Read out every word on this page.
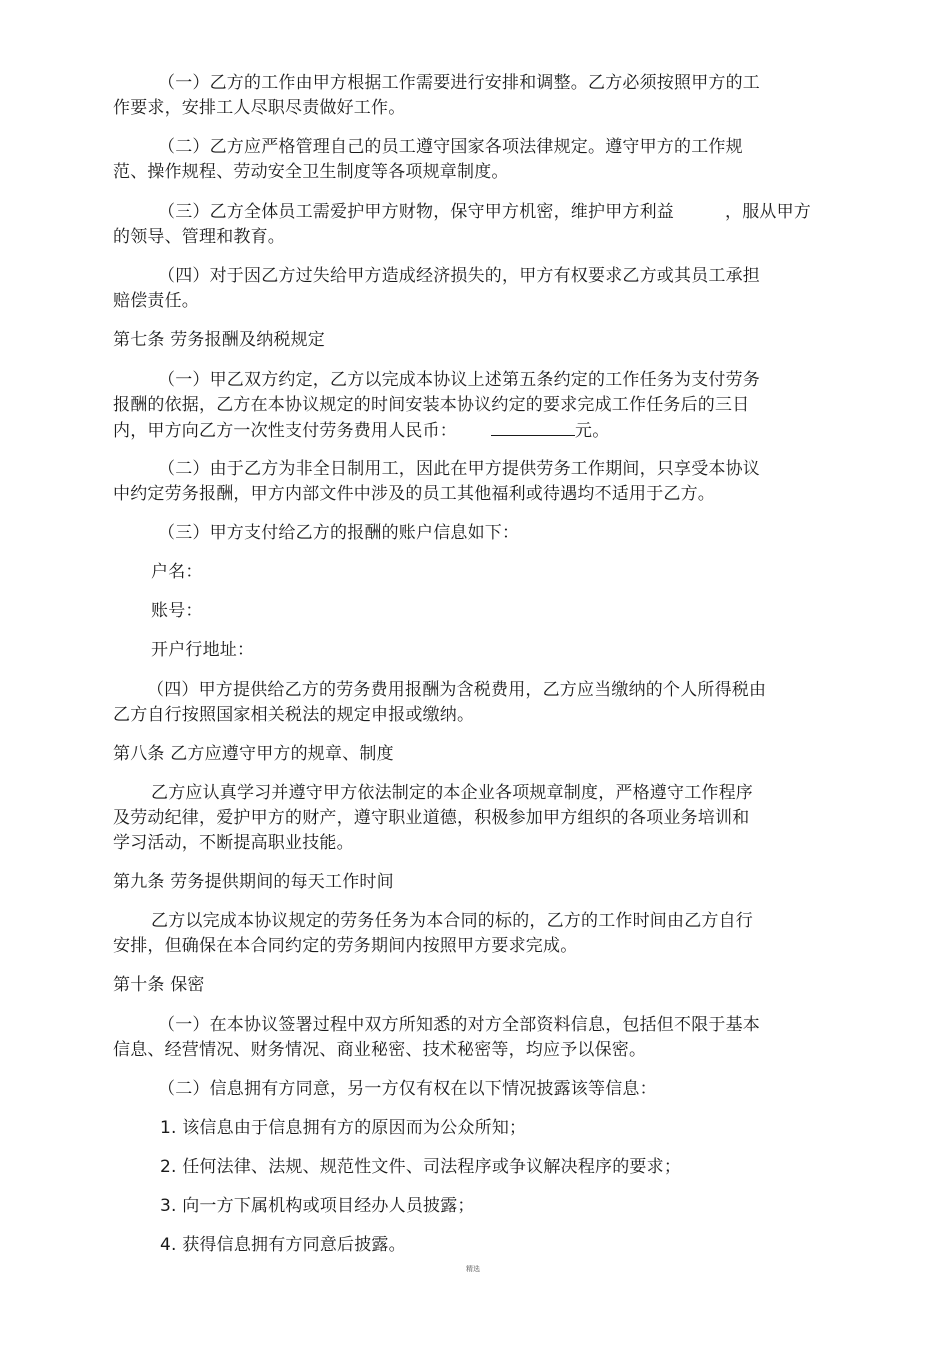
（一）乙方的工作由甲方根据工作需要进行安排和调整。乙方必须按照甲方的工
作要求，安排工人尽职尽责做好工作。
（二）乙方应严格管理自己的员工遵守国家各项法律规定。遵守甲方的工作规
范、操作规程、劳动安全卫生制度等各项规章制度。
（三）乙方全体员工需爱护甲方财物，保守甲方机密，维护甲方利益	，服从甲方
的领导、管理和教育。
（四）对于因乙方过失给甲方造成经济损失的，甲方有权要求乙方或其员工承担
赔偿责任。
第七条 劳务报酬及纳税规定
（一）甲乙双方约定，乙方以完成本协议上述第五条约定的工作任务为支付劳务
报酬的依据，乙方在本协议规定的时间安装本协议约定的要求完成工作任务后的三日
内，甲方向乙方一次性支付劳务费用人民币：	元。
（二）由于乙方为非全日制用工，因此在甲方提供劳务工作期间，只享受本协议
中约定劳务报酬，甲方内部文件中涉及的员工其他福利或待遇均不适用于乙方。
（三）甲方支付给乙方的报酬的账户信息如下：
户名：
账号：
开户行地址：
（四）甲方提供给乙方的劳务费用报酬为含税费用，乙方应当缴纳的个人所得税由
乙方自行按照国家相关税法的规定申报或缴纳。
第八条 乙方应遵守甲方的规章、制度
乙方应认真学习并遵守甲方依法制定的本企业各项规章制度，严格遵守工作程序
及劳动纪律，爱护甲方的财产，遵守职业道德，积极参加甲方组织的各项业务培训和
学习活动，不断提高职业技能。
第九条 劳务提供期间的每天工作时间
乙方以完成本协议规定的劳务任务为本合同的标的，乙方的工作时间由乙方自行
安排，但确保在本合同约定的劳务期间内按照甲方要求完成。
第十条 保密
（一）在本协议签署过程中双方所知悉的对方全部资料信息，包括但不限于基本
信息、经营情况、财务情况、商业秘密、技术秘密等，均应予以保密。
（二）信息拥有方同意，另一方仅有权在以下情况披露该等信息：
1. 该信息由于信息拥有方的原因而为公众所知；
2. 任何法律、法规、规范性文件、司法程序或争议解决程序的要求；
3. 向一方下属机构或项目经办人员披露；
4. 获得信息拥有方同意后披露。
精选
